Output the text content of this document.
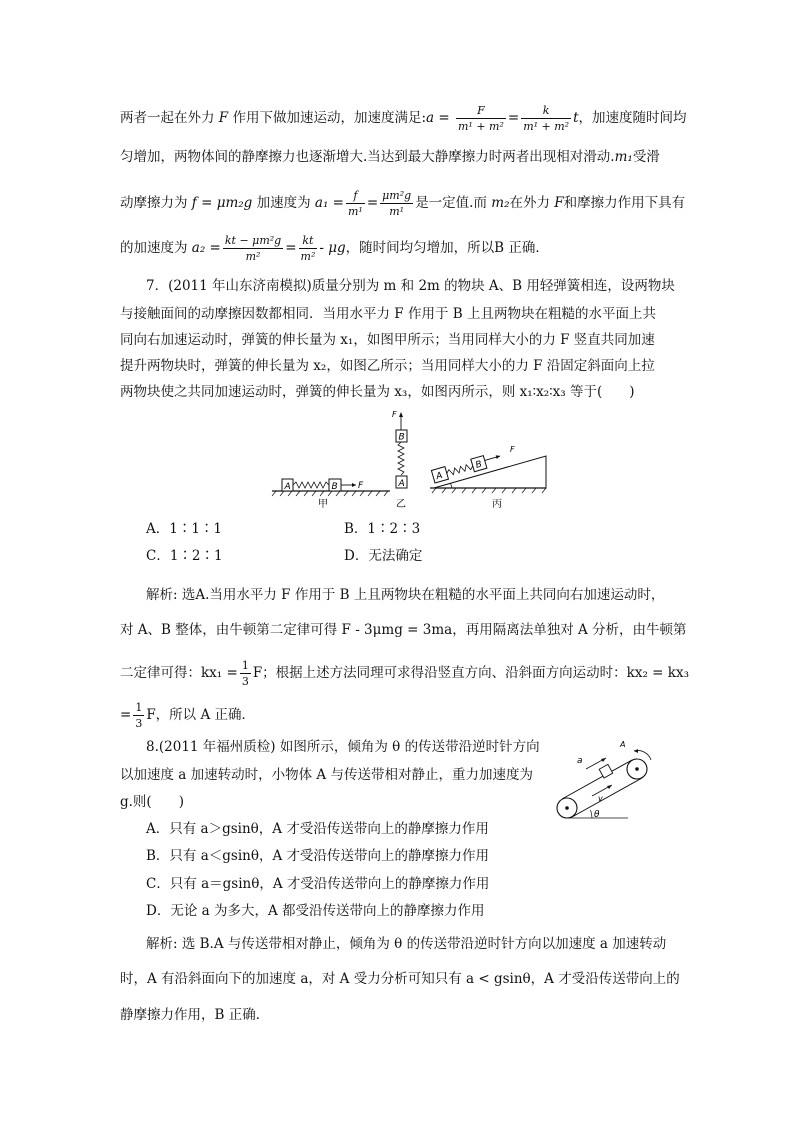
两者一起在外力 F 作用下做加速运动，加速度满足:a = $\frac{F}{\text{m¹ + m²}} = \frac{k}{\text{m¹ + m²}}$ t，加速度随时间均
匀增加，两物体间的静摩擦力也逐渐增大.当达到最大静摩擦力时两者出现相对滑动.m₁受滑
动摩擦力为 f = μm₂g 加速度为 $a_1 = \frac{f}{\text{m¹}} = \frac{\text{μm²g}}{\text{m¹}}$ 是一定值.而 m₂在外力 F和摩擦力作用下具有
的加速度为 $a_2 = \frac{\text{kt − μm²g}}{\text{m²}} = \frac{kt}{\text{m²}} - \mu g$，随时间均匀增加，所以B 正确．
7．(2011 年山东济南模拟)质量分别为 m 和 2m 的物块 A、B 用轻弹簧相连，设两物块
与接触面间的动摩擦因数都相同．当用水平力 F 作用于 B 上且两物块在粗糙的水平面上共
同向右加速运动时，弹簧的伸长量为 x₁，如图甲所示；当用同样大小的力 F 竖直共同加速
提升两物块时，弹簧的伸长量为 x₂，如图乙所示；当用同样大小的力 F 沿固定斜面向上拉
两物块使之共同加速运动时，弹簧的伸长量为 x₃，如图丙所示，则 x₁∶x₂∶x₃ 等于(　　)
A	B F
甲
F
B
A
乙
A
B
F
丙
A．1∶1∶1	B．1∶2∶3
C．1∶2∶1	D．无法确定
解析: 选A.当用水平力 F 作用于 B 上且两物块在粗糙的水平面上共同向右加速运动时，
对 A、B 整体，由牛顿第二定律可得 F - 3μmg = 3ma，再用隔离法单独对 A 分析，由牛顿第
二定律可得：$kx_1 = \frac{1}{3}$ F；根据上述方法同理可求得沿竖直方向、沿斜面方向运动时：kx₂ = kx₃
= $\frac{1}{3}$ F，所以 A 正确．
8.(2011 年福州质检) 如图所示，倾角为 θ 的传送带沿逆时针方向
以加速度 a 加速转动时，小物体 A 与传送带相对静止，重力加速度为
g.则(　　)
θ
A
a
v
A．只有 a＞gsinθ，A 才受沿传送带向上的静摩擦力作用
B．只有 a＜gsinθ，A 才受沿传送带向上的静摩擦力作用
C．只有 a＝gsinθ，A 才受沿传送带向上的静摩擦力作用
D．无论 a 为多大，A 都受沿传送带向上的静摩擦力作用
解析: 选 B.A 与传送带相对静止，倾角为 θ 的传送带沿逆时针方向以加速度 a 加速转动
时，A 有沿斜面向下的加速度 a，对 A 受力分析可知只有 a < gsinθ，A 才受沿传送带向上的
静摩擦力作用，B 正确．
